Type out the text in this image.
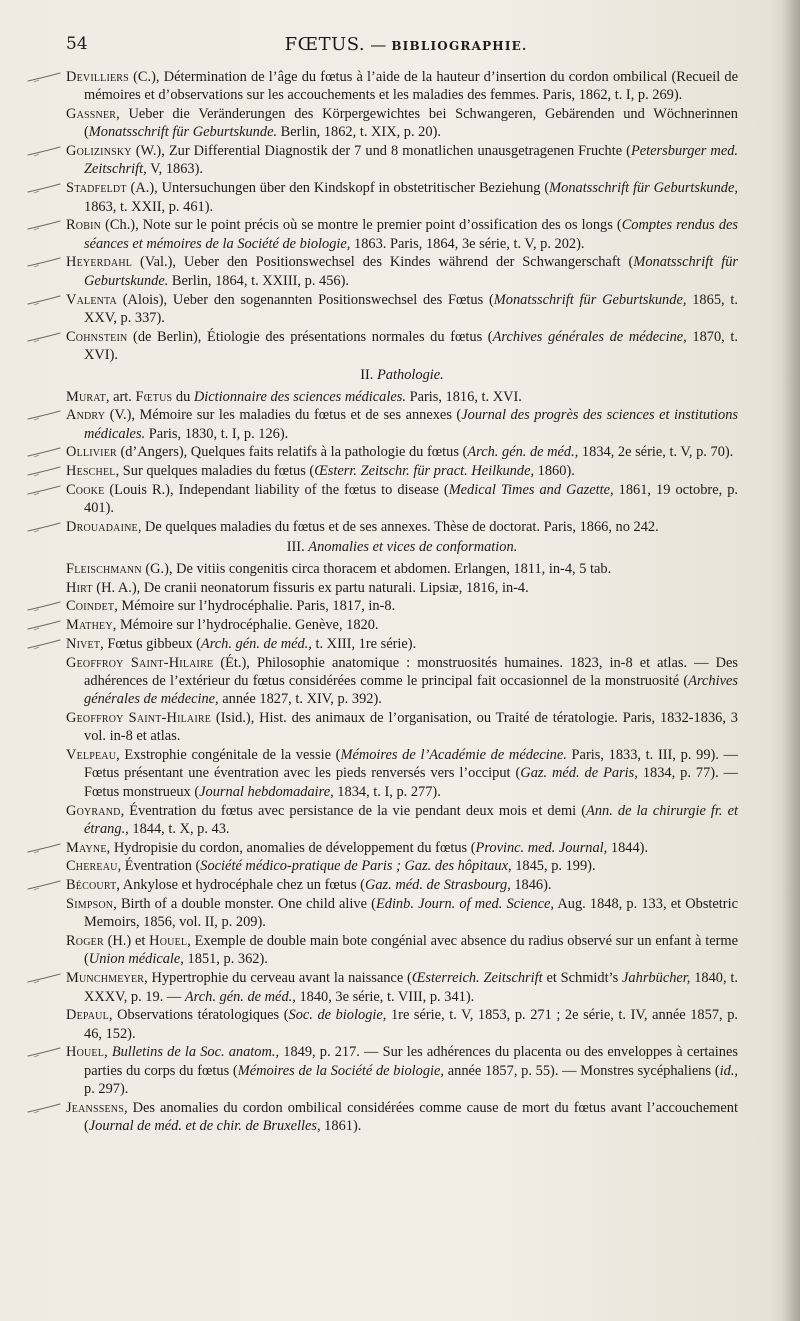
54	FŒTUS. — BIBLIOGRAPHIE.
Devilliers (C.), Détermination de l’âge du fœtus à l’aide de la hauteur d’insertion du cordon ombilical (Recueil de mémoires et d’observations sur les accouchements et les maladies des femmes. Paris, 1862, t. I, p. 269).
Gassner, Ueber die Veränderungen des Körpergewichtes bei Schwangeren, Gebärenden und Wöchnerinnen (Monatsschrift für Geburtskunde. Berlin, 1862, t. XIX, p. 20).
Golizinsky (W.), Zur Differential Diagnostik der 7 und 8 monatlichen unausgetragenen Fruchte (Petersburger med. Zeitschrift, V, 1863).
Stadfeldt (A.), Untersuchungen über den Kindskopf in obstetritischer Beziehung (Monatsschrift für Geburtskunde, 1863, t. XXII, p. 461).
Robin (Ch.), Note sur le point précis où se montre le premier point d’ossification des os longs (Comptes rendus des séances et mémoires de la Société de biologie, 1863. Paris, 1864, 3e série, t. V, p. 202).
Heyerdahl (Val.), Ueber den Positionswechsel des Kindes während der Schwangerschaft (Monatsschrift für Geburtskunde. Berlin, 1864, t. XXIII, p. 456).
Valenta (Alois), Ueber den sogenannten Positionswechsel des Fœtus (Monatsschrift für Geburtskunde, 1865, t. XXV, p. 337).
Cohnstein (de Berlin), Étiologie des présentations normales du fœtus (Archives générales de médecine, 1870, t. XVI).
II. Pathologie.
Murat, art. Fœtus du Dictionnaire des sciences médicales. Paris, 1816, t. XVI.
Andry (V.), Mémoire sur les maladies du fœtus et de ses annexes (Journal des progrès des sciences et institutions médicales. Paris, 1830, t. I, p. 126).
Ollivier (d’Angers), Quelques faits relatifs à la pathologie du fœtus (Arch. gén. de méd., 1834, 2e série, t. V, p. 70).
Heschel, Sur quelques maladies du fœtus (Œsterr. Zeitschr. für pract. Heilkunde, 1860).
Cooke (Louis R.), Independant liability of the fœtus to disease (Medical Times and Gazette, 1861, 19 octobre, p. 401).
Drouadaine, De quelques maladies du fœtus et de ses annexes. Thèse de doctorat. Paris, 1866, no 242.
III. Anomalies et vices de conformation.
Fleischmann (G.), De vitiis congenitis circa thoracem et abdomen. Erlangen, 1811, in-4, 5 tab.
Hirt (H. A.), De cranii neonatorum fissuris ex partu naturali. Lipsiæ, 1816, in-4.
Coindet, Mémoire sur l’hydrocéphalie. Paris, 1817, in-8.
Mathey, Mémoire sur l’hydrocéphalie. Genève, 1820.
Nivet, Fœtus gibbeux (Arch. gén. de méd., t. XIII, 1re série).
Geoffroy Saint-Hilaire (Ét.), Philosophie anatomique : monstruosités humaines. 1823, in-8 et atlas. — Des adhérences de l’extérieur du fœtus considérées comme le principal fait occasionnel de la monstruosité (Archives générales de médecine, année 1827, t. XIV, p. 392).
Geoffroy Saint-Hilaire (Isid.), Hist. des animaux de l’organisation, ou Traité de tératologie. Paris, 1832-1836, 3 vol. in-8 et atlas.
Velpeau, Exstrophie congénitale de la vessie (Mémoires de l’Académie de médecine. Paris, 1833, t. III, p. 99). — Fœtus présentant une éventration avec les pieds renversés vers l’occiput (Gaz. méd. de Paris, 1834, p. 77). — Fœtus monstrueux (Journal hebdomadaire, 1834, t. I, p. 277).
Goyrand, Éventration du fœtus avec persistance de la vie pendant deux mois et demi (Ann. de la chirurgie fr. et étrang., 1844, t. X, p. 43.
Mayne, Hydropisie du cordon, anomalies de développement du fœtus (Provinc. med. Journal, 1844).
Chereau, Éventration (Société médico-pratique de Paris ; Gaz. des hôpitaux, 1845, p. 199).
Bécourt, Ankylose et hydrocéphale chez un fœtus (Gaz. méd. de Strasbourg, 1846).
Simpson, Birth of a double monster. One child alive (Edinb. Journ. of med. Science, Aug. 1848, p. 133, et Obstetric Memoirs, 1856, vol. II, p. 209).
Roger (H.) et Houel, Exemple de double main bote congénial avec absence du radius observé sur un enfant à terme (Union médicale, 1851, p. 362).
Munchmeyer, Hypertrophie du cerveau avant la naissance (Œsterreich. Zeitschrift et Schmidt’s Jahrbücher, 1840, t. XXXV, p. 19. — Arch. gén. de méd., 1840, 3e série, t. VIII, p. 341).
Depaul, Observations tératologiques (Soc. de biologie, 1re série, t. V, 1853, p. 271 ; 2e série, t. IV, année 1857, p. 46, 152).
Houel, Bulletins de la Soc. anatom., 1849, p. 217. — Sur les adhérences du placenta ou des enveloppes à certaines parties du corps du fœtus (Mémoires de la Société de biologie, année 1857, p. 55). — Monstres sycéphaliens (id., p. 297).
Jeanssens, Des anomalies du cordon ombilical considérées comme cause de mort du fœtus avant l’accouchement (Journal de méd. et de chir. de Bruxelles, 1861).
